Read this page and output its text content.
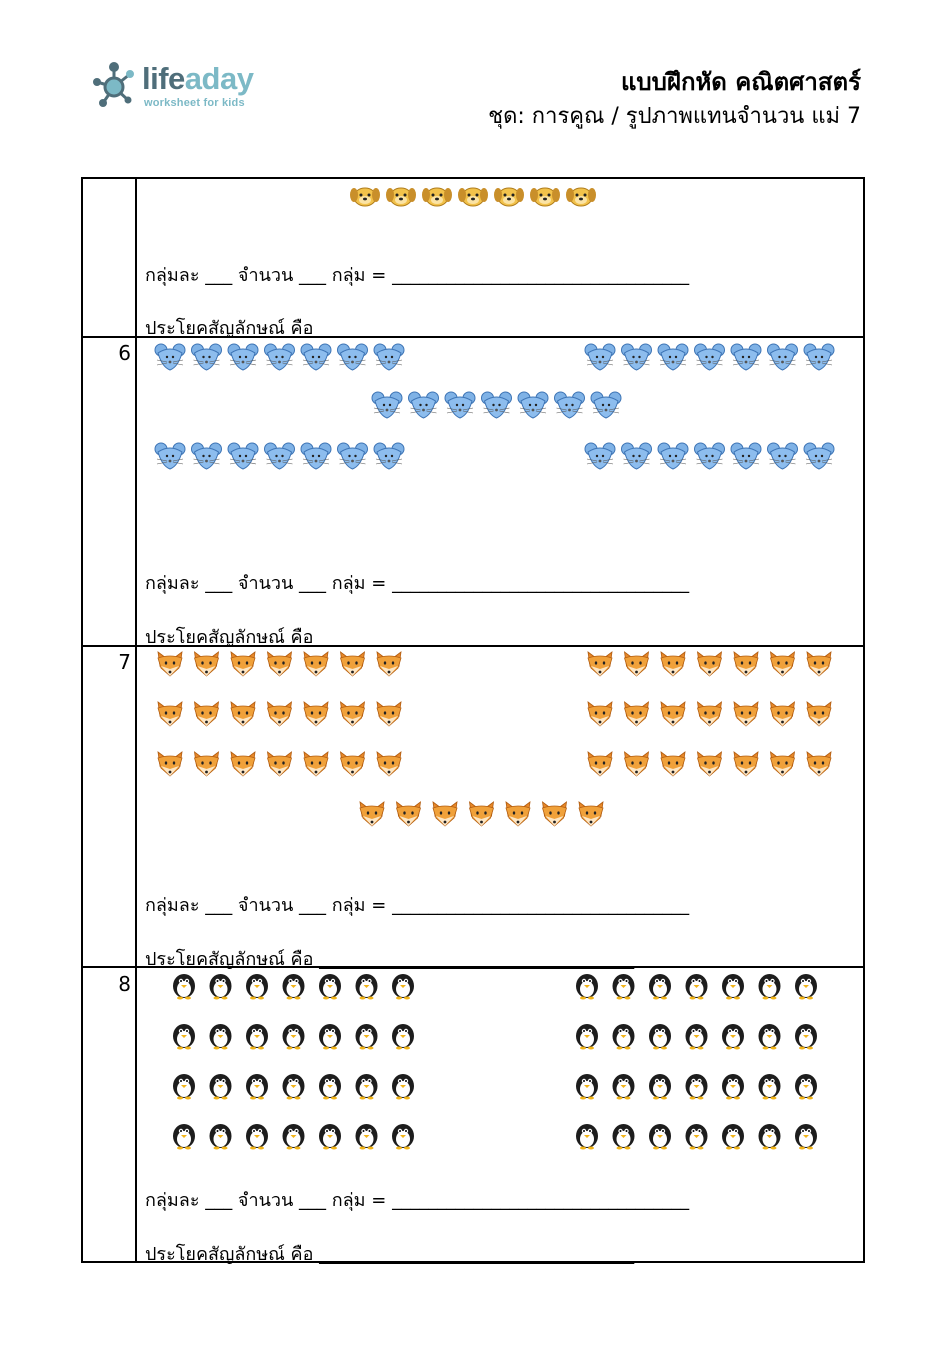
lifeaday
worksheet for kids
แบบฝึกหัด คณิตศาสตร์
ชุด: การคูณ / รูปภาพแทนจำนวน แม่ 7
กลุ่มละ ___ จำนวน ___ กลุ่ม = _________________________________
ประโยคสัญลักษณ์ คือ ___________________________________
6
กลุ่มละ ___ จำนวน ___ กลุ่ม = _________________________________
ประโยคสัญลักษณ์ คือ ___________________________________
7
กลุ่มละ ___ จำนวน ___ กลุ่ม = _________________________________
ประโยคสัญลักษณ์ คือ ___________________________________
8
กลุ่มละ ___ จำนวน ___ กลุ่ม = _________________________________
ประโยคสัญลักษณ์ คือ ___________________________________
